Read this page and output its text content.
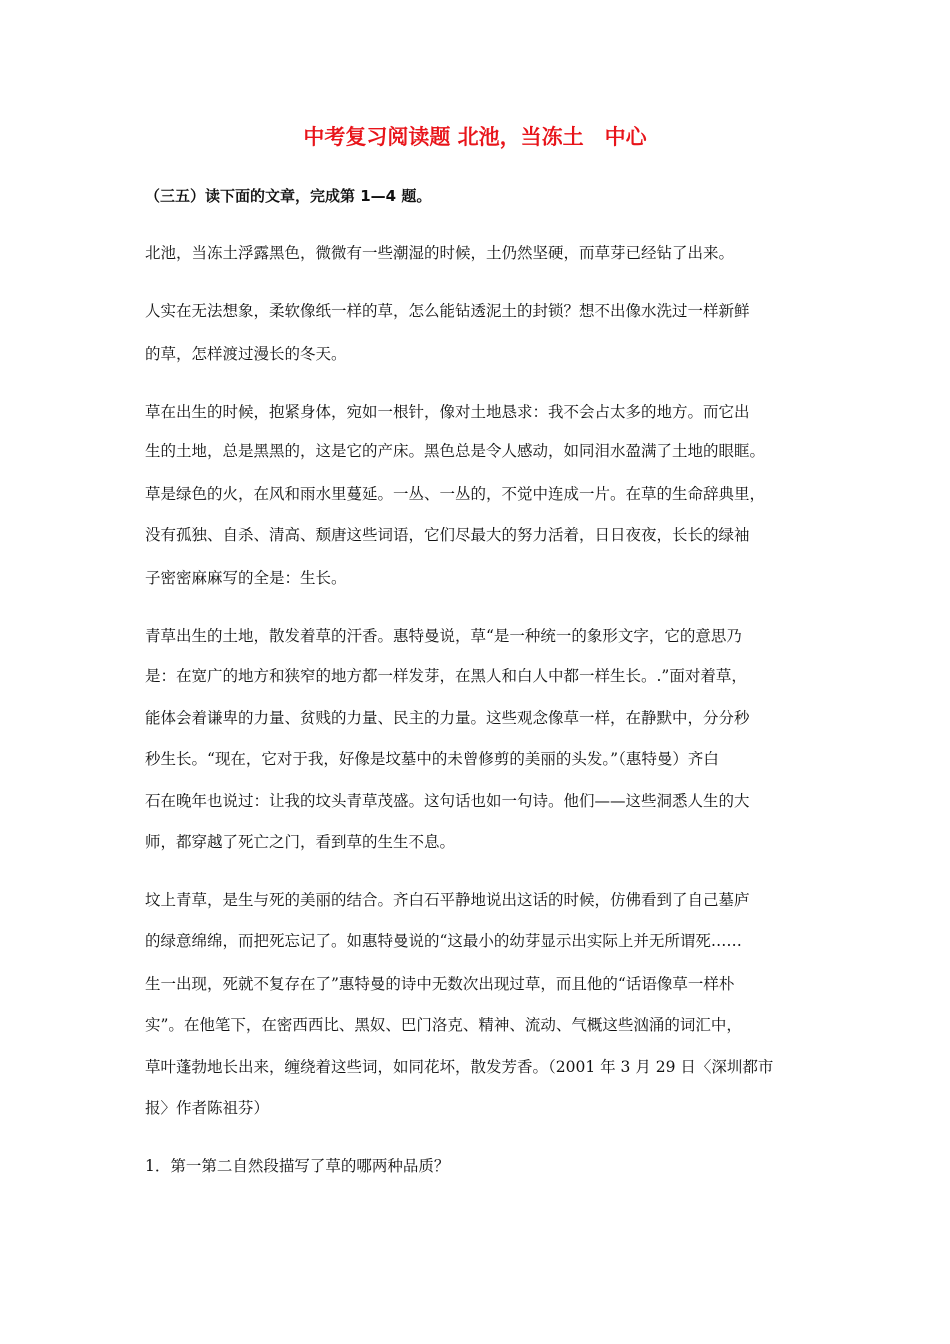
中考复习阅读题 北池，当冻土　中心
（三五）读下面的文章，完成第 1—4 题。
北池，当冻土浮露黑色，微微有一些潮湿的时候，土仍然坚硬，而草芽已经钻了出来。
人实在无法想象，柔软像纸一样的草，怎么能钻透泥土的封锁？想不出像水洗过一样新鲜
的草，怎样渡过漫长的冬天。
草在出生的时候，抱紧身体，宛如一根针，像对土地恳求：我不会占太多的地方。而它出
生的土地，总是黑黑的，这是它的产床。黑色总是令人感动，如同泪水盈满了土地的眼眶。
草是绿色的火，在风和雨水里蔓延。一丛、一丛的，不觉中连成一片。在草的生命辞典里，
没有孤独、自杀、清高、颓唐这些词语，它们尽最大的努力活着，日日夜夜，长长的绿袖
子密密麻麻写的全是：生长。
青草出生的土地，散发着草的汗香。惠特曼说，草“是一种统一的象形文字，它的意思乃
是：在宽广的地方和狭窄的地方都一样发芽，在黑人和白人中都一样生长。.”面对着草，
能体会着谦卑的力量、贫贱的力量、民主的力量。这些观念像草一样，在静默中，分分秒
秒生长。“现在，它对于我，好像是坟墓中的未曾修剪的美丽的头发。”（惠特曼）齐白
石在晚年也说过：让我的坟头青草茂盛。这句话也如一句诗。他们——这些洞悉人生的大
师，都穿越了死亡之门，看到草的生生不息。
坟上青草，是生与死的美丽的结合。齐白石平静地说出这话的时候，仿佛看到了自己墓庐
的绿意绵绵，而把死忘记了。如惠特曼说的“这最小的幼芽显示出实际上并无所谓死……
生一出现，死就不复存在了”惠特曼的诗中无数次出现过草，而且他的“话语像草一样朴
实”。在他笔下，在密西西比、黑奴、巴门洛克、精神、流动、气概这些汹涌的词汇中，
草叶蓬勃地长出来，缠绕着这些词，如同花坏，散发芳香。（2001 年 3 月 29 日〈深圳都市
报〉作者陈祖芬）
1．第一第二自然段描写了草的哪两种品质？
